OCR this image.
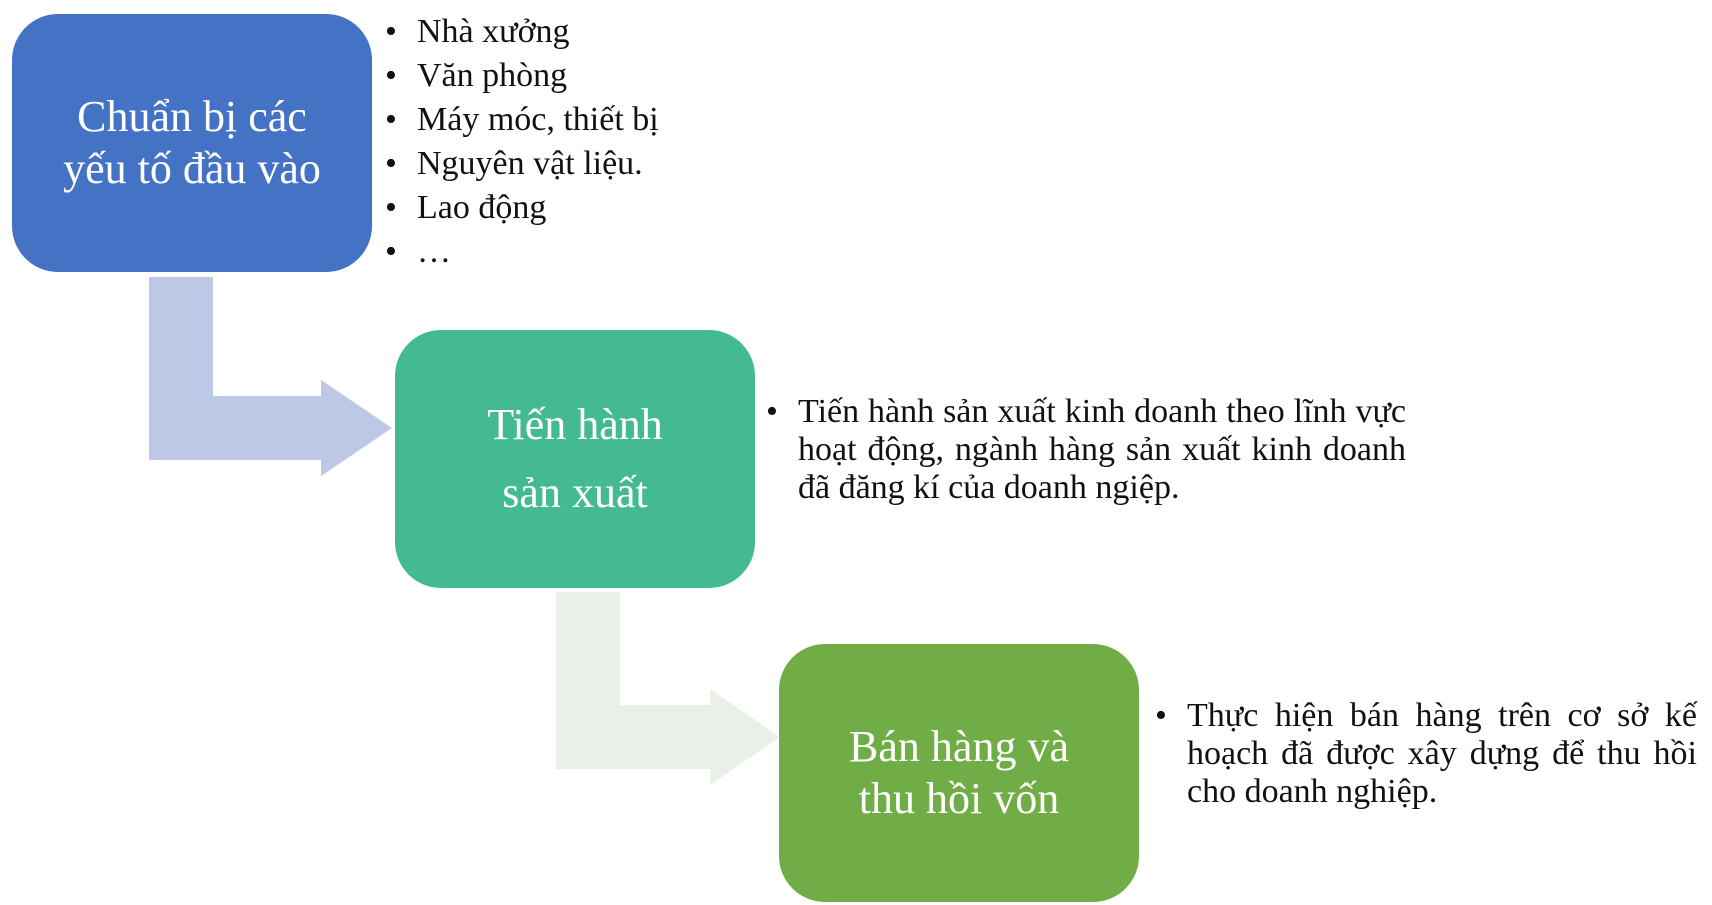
Chuẩn bị các
yếu tố đầu vào
• Nhà xưởng
• Văn phòng
• Máy móc, thiết bị
• Nguyên vật liệu.
• Lao động
• …
Tiến hành
sản xuất
• Tiến hành sản xuất kinh doanh theo lĩnh vực hoạt động, ngành hàng sản xuất kinh doanh đã đăng kí của doanh ngiệp.
Bán hàng và
thu hồi vốn
• Thực hiện bán hàng trên cơ sở kế hoạch đã được xây dựng để thu hồi cho doanh nghiệp.
